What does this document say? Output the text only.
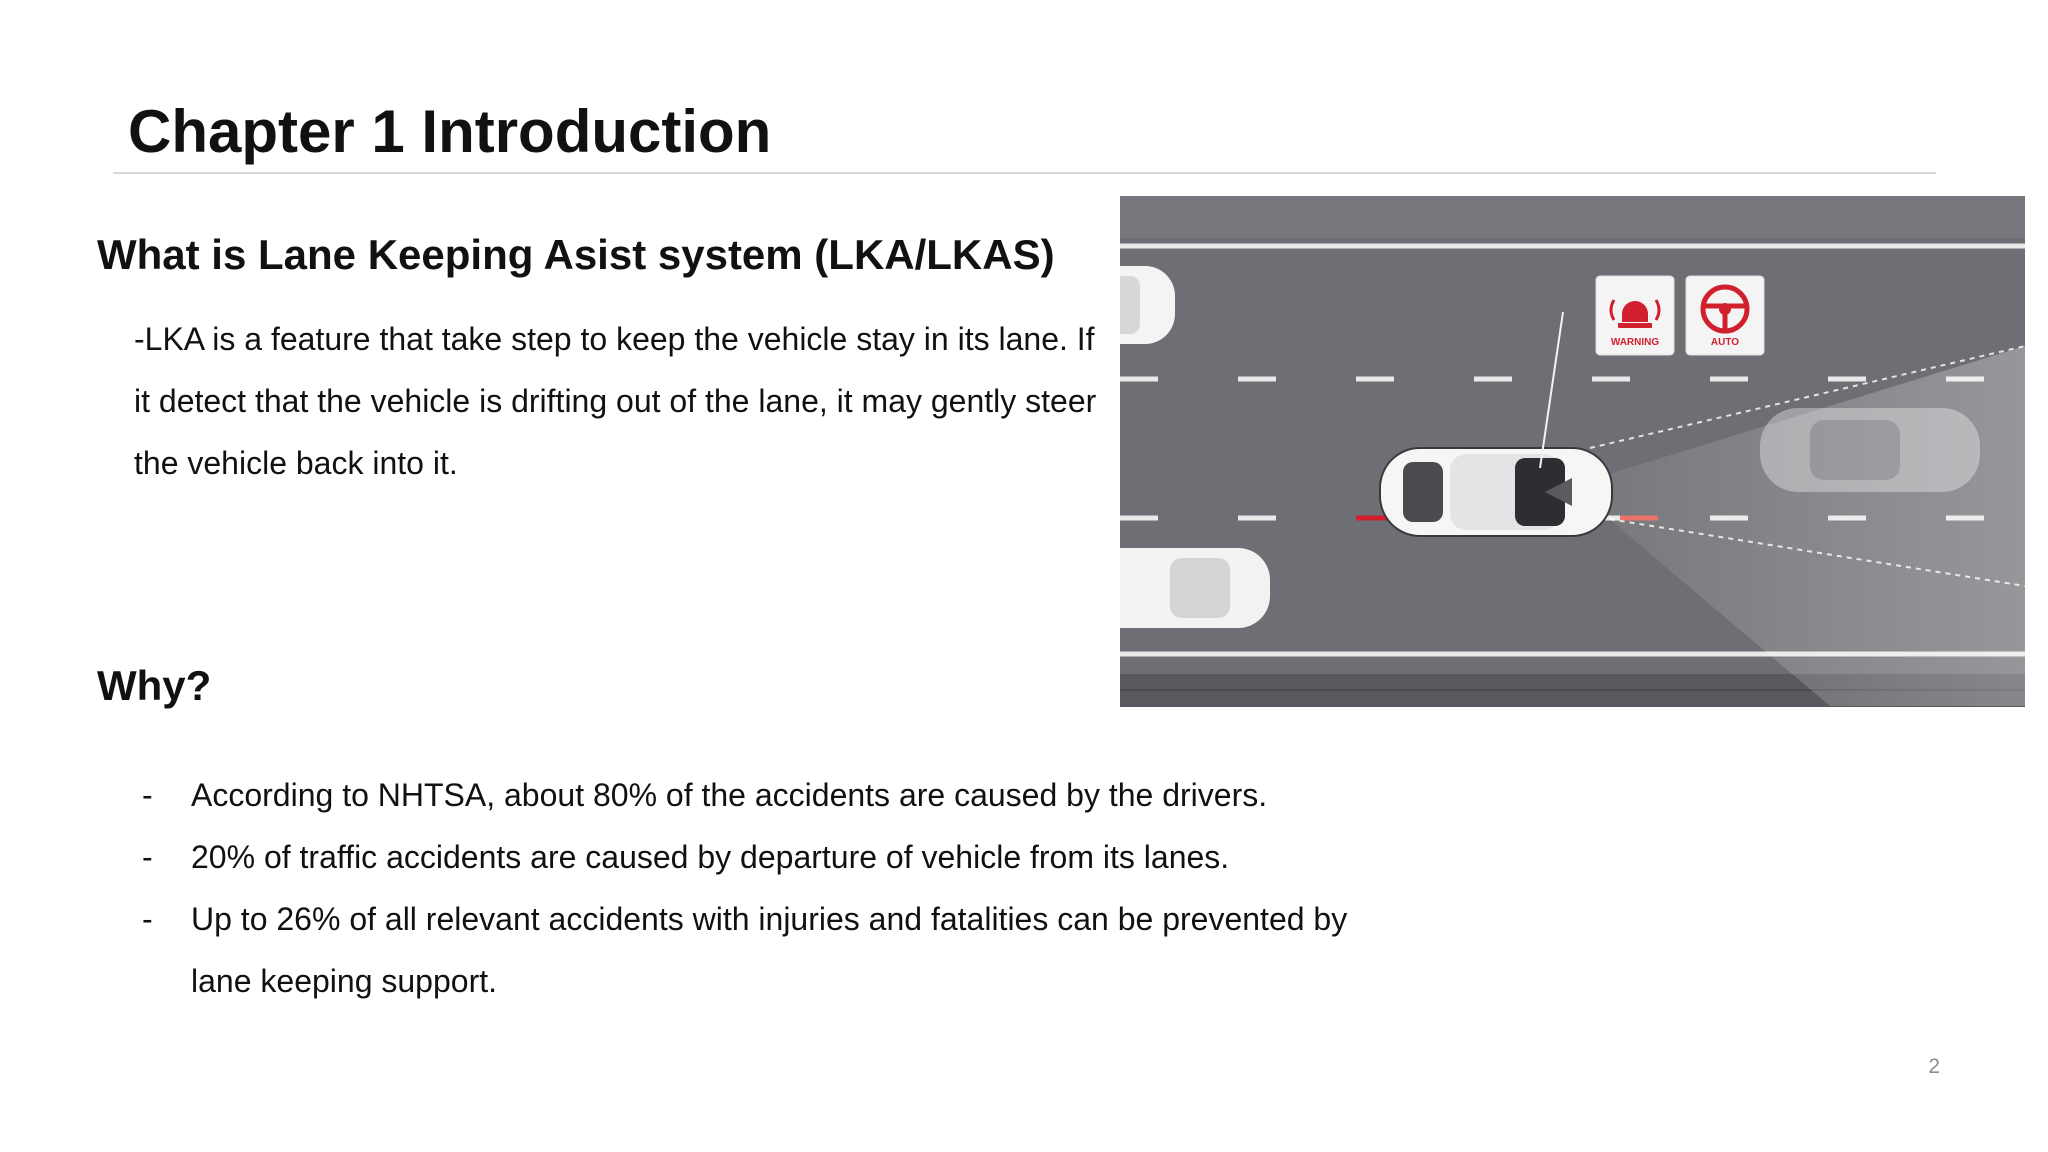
Chapter 1 Introduction
What is Lane Keeping Asist system (LKA/LKAS)

-LKA is a feature that take step to keep the vehicle stay in its lane. If it detect that the vehicle is drifting out of the lane, it may gently steer the vehicle back into it.

Why?
- According to NHTSA, about 80% of the accidents are caused by the drivers.
- 20% of traffic accidents are caused by departure of vehicle from its lanes.
- Up to 26% of all relevant accidents with injuries and fatalities can be prevented by lane keeping support.
WARNING	AUTO
2
